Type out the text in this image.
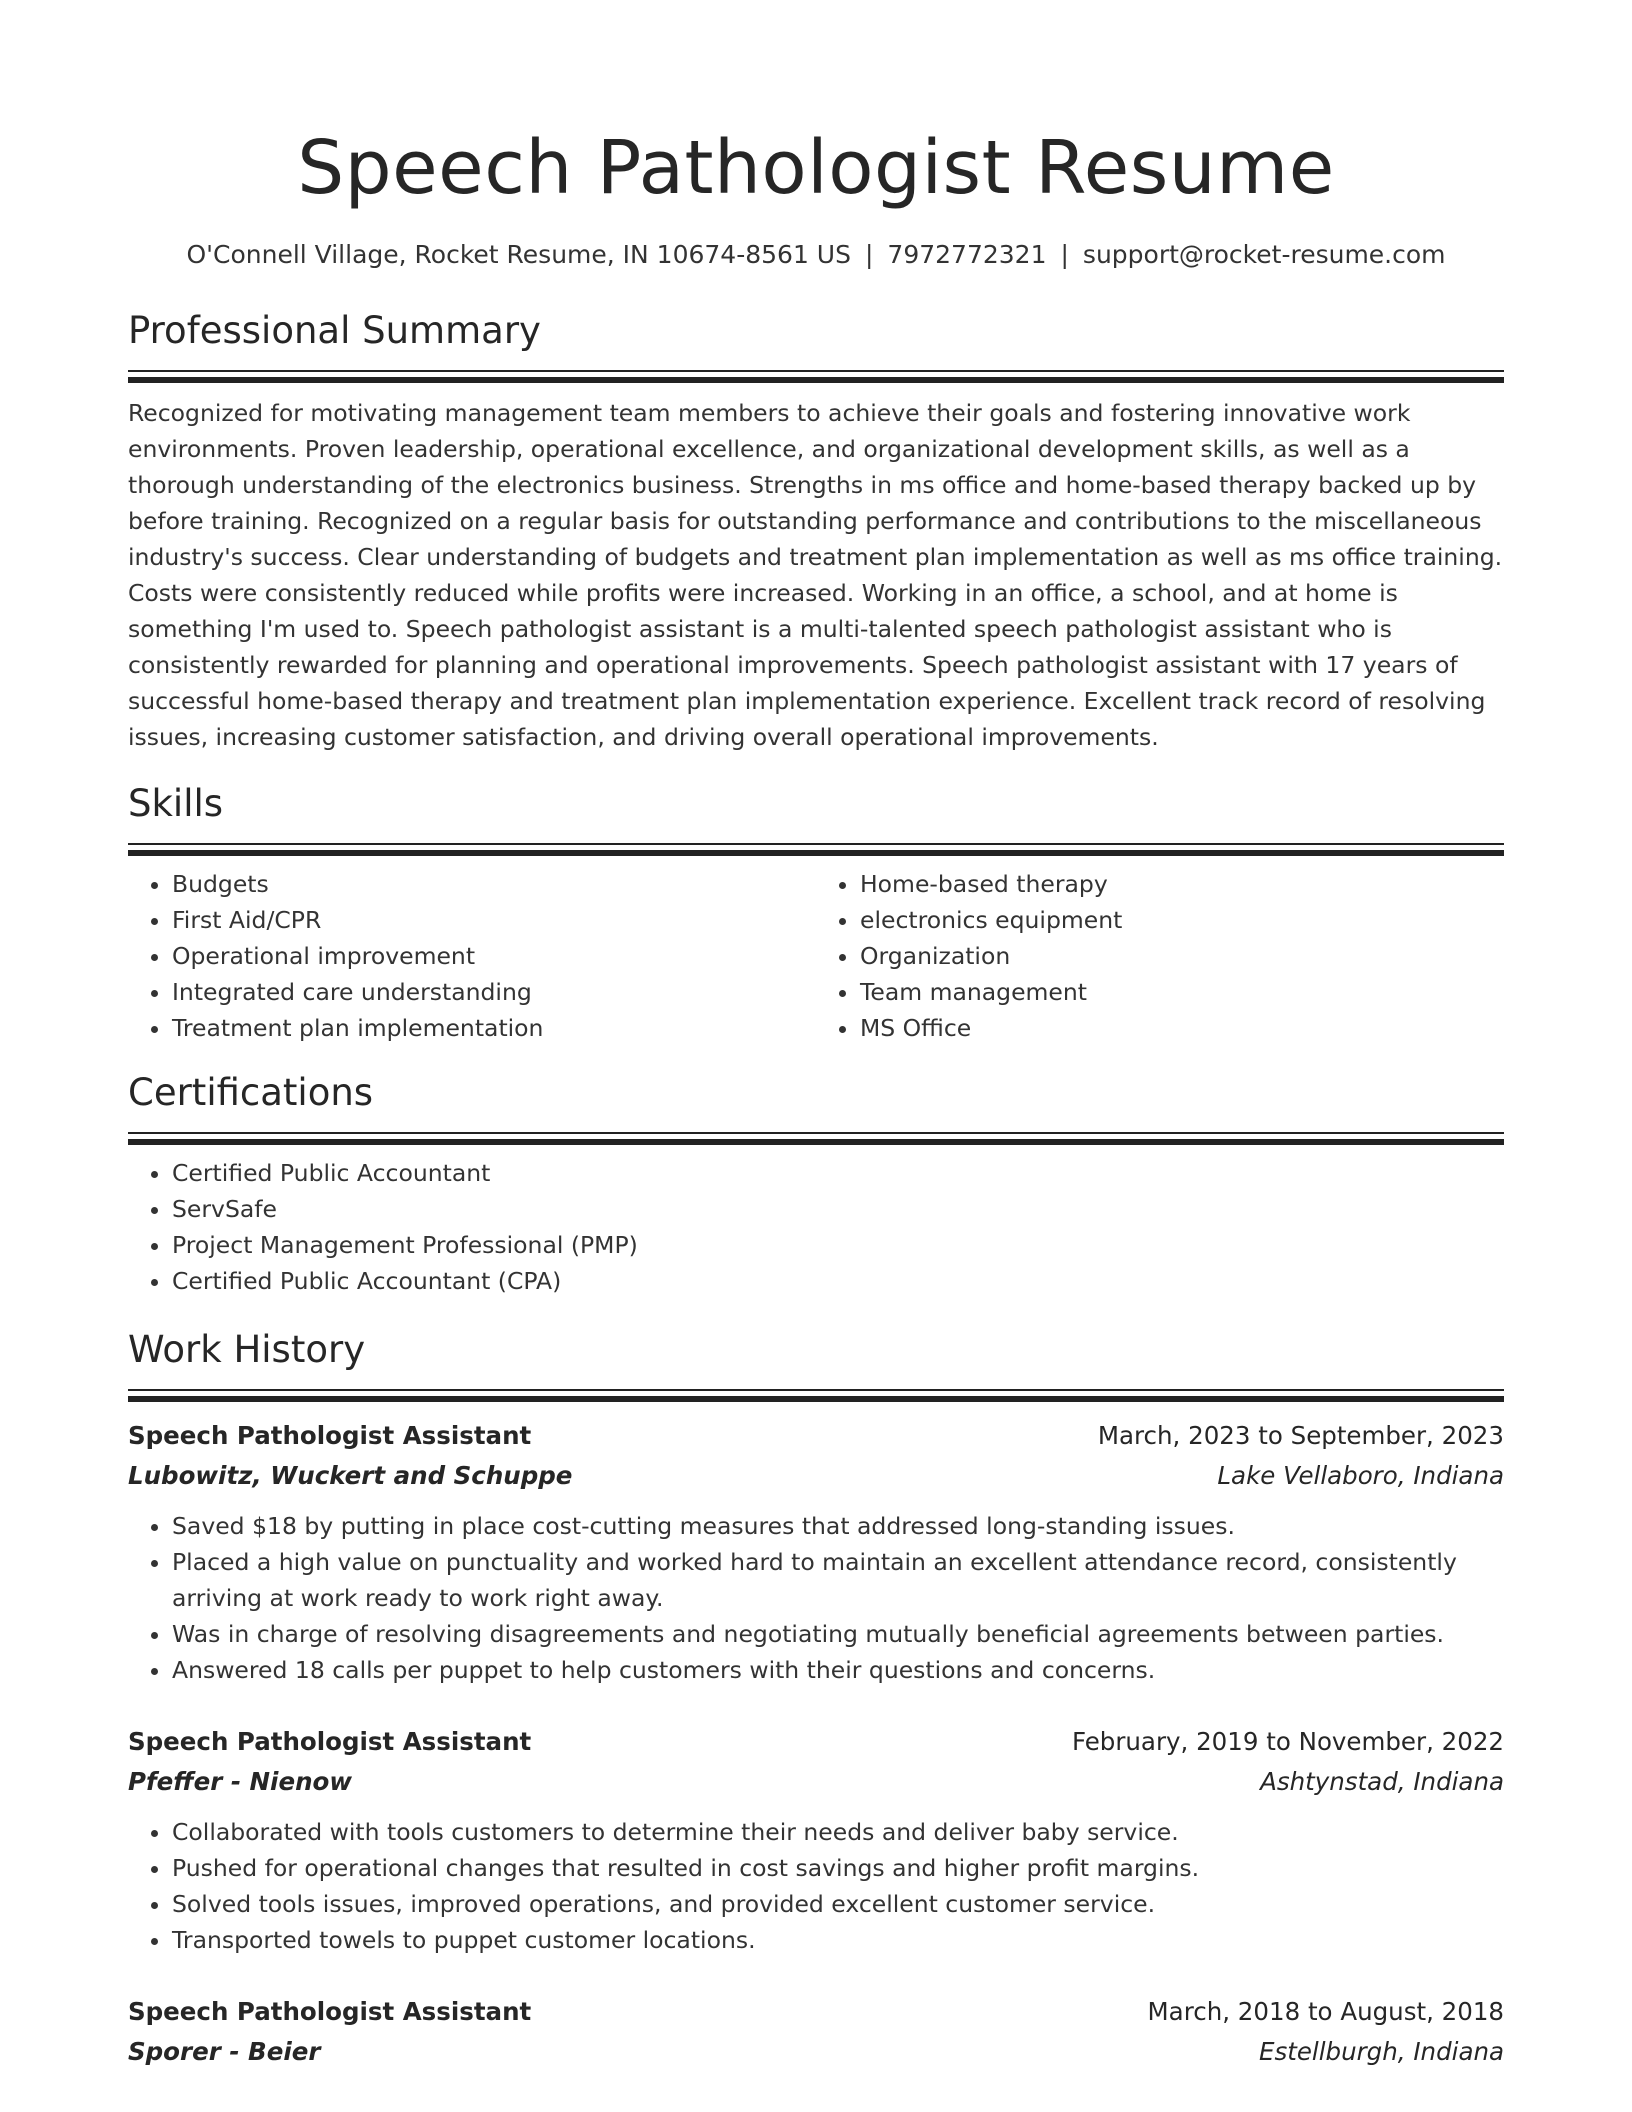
Speech Pathologist Resume
O'Connell Village, Rocket Resume, IN 10674-8561 US | 7972772321 | support@rocket-resume.com
Professional Summary

Recognized for motivating management team members to achieve their goals and fostering innovative work environments. Proven leadership, operational excellence, and organizational development skills, as well as a thorough understanding of the electronics business. Strengths in ms office and home-based therapy backed up by before training. Recognized on a regular basis for outstanding performance and contributions to the miscellaneous industry's success. Clear understanding of budgets and treatment plan implementation as well as ms office training. Costs were consistently reduced while profits were increased. Working in an office, a school, and at home is something I'm used to. Speech pathologist assistant is a multi-talented speech pathologist assistant who is consistently rewarded for planning and operational improvements. Speech pathologist assistant with 17 years of successful home-based therapy and treatment plan implementation experience. Excellent track record of resolving issues, increasing customer satisfaction, and driving overall operational improvements.

Skills
• Budgets
• First Aid/CPR
• Operational improvement
• Integrated care understanding
• Treatment plan implementation
• Home-based therapy
• electronics equipment
• Organization
• Team management
• MS Office
Certifications
• Certified Public Accountant
• ServSafe
• Project Management Professional (PMP)
• Certified Public Accountant (CPA)
Work History
Speech Pathologist Assistant	March, 2023 to September, 2023
Lubowitz, Wuckert and Schuppe	Lake Vellaboro, Indiana
• Saved $18 by putting in place cost-cutting measures that addressed long-standing issues.
• Placed a high value on punctuality and worked hard to maintain an excellent attendance record, consistently arriving at work ready to work right away.
• Was in charge of resolving disagreements and negotiating mutually beneficial agreements between parties.
• Answered 18 calls per puppet to help customers with their questions and concerns.
Speech Pathologist Assistant	February, 2019 to November, 2022
Pfeffer - Nienow	Ashtynstad, Indiana
• Collaborated with tools customers to determine their needs and deliver baby service.
• Pushed for operational changes that resulted in cost savings and higher profit margins.
• Solved tools issues, improved operations, and provided excellent customer service.
• Transported towels to puppet customer locations.
Speech Pathologist Assistant	March, 2018 to August, 2018
Sporer - Beier	Estellburgh, Indiana
